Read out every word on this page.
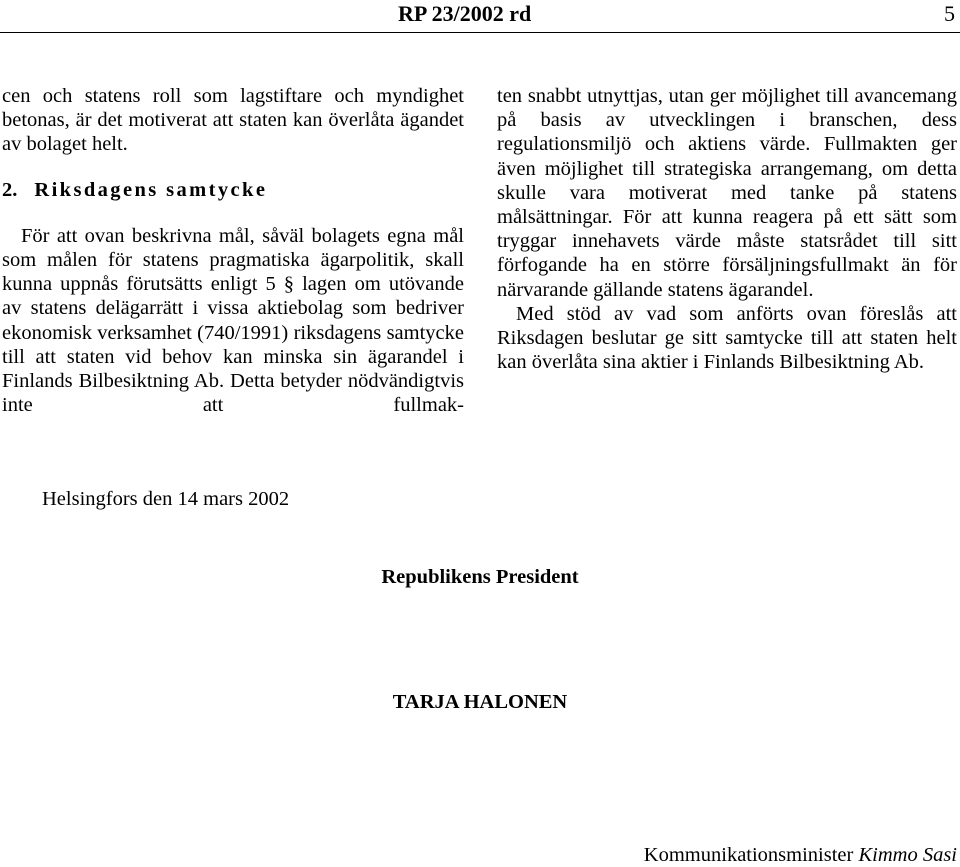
RP 23/2002 rd	5

cen och statens roll som lagstiftare och myndighet betonas, är det motiverat att staten kan överlåta ägandet av bolaget helt.

2. Riksdagens samtycke

För att ovan beskrivna mål, såväl bolagets egna mål som målen för statens pragmatiska ägarpolitik, skall kunna uppnås förutsätts enligt 5 § lagen om utövande av statens delägarrätt i vissa aktiebolag som bedriver ekonomisk verksamhet (740/1991) riksdagens samtycke till att staten vid behov kan minska sin ägarandel i Finlands Bilbesiktning Ab. Detta betyder nödvändigtvis inte att fullmak-

ten snabbt utnyttjas, utan ger möjlighet till avancemang på basis av utvecklingen i branschen, dess regulationsmiljö och aktiens värde. Fullmakten ger även möjlighet till strategiska arrangemang, om detta skulle vara motiverat med tanke på statens målsättningar. För att kunna reagera på ett sätt som tryggar innehavets värde måste statsrådet till sitt förfogande ha en större försäljningsfullmakt än för närvarande gällande statens ägarandel.

Med stöd av vad som anförts ovan föreslås att Riksdagen beslutar ge sitt samtycke till att staten helt kan överlåta sina aktier i Finlands Bilbesiktning Ab.

Helsingfors den 14 mars 2002
Republikens President
TARJA HALONEN
Kommunikationsminister Kimmo Sasi
